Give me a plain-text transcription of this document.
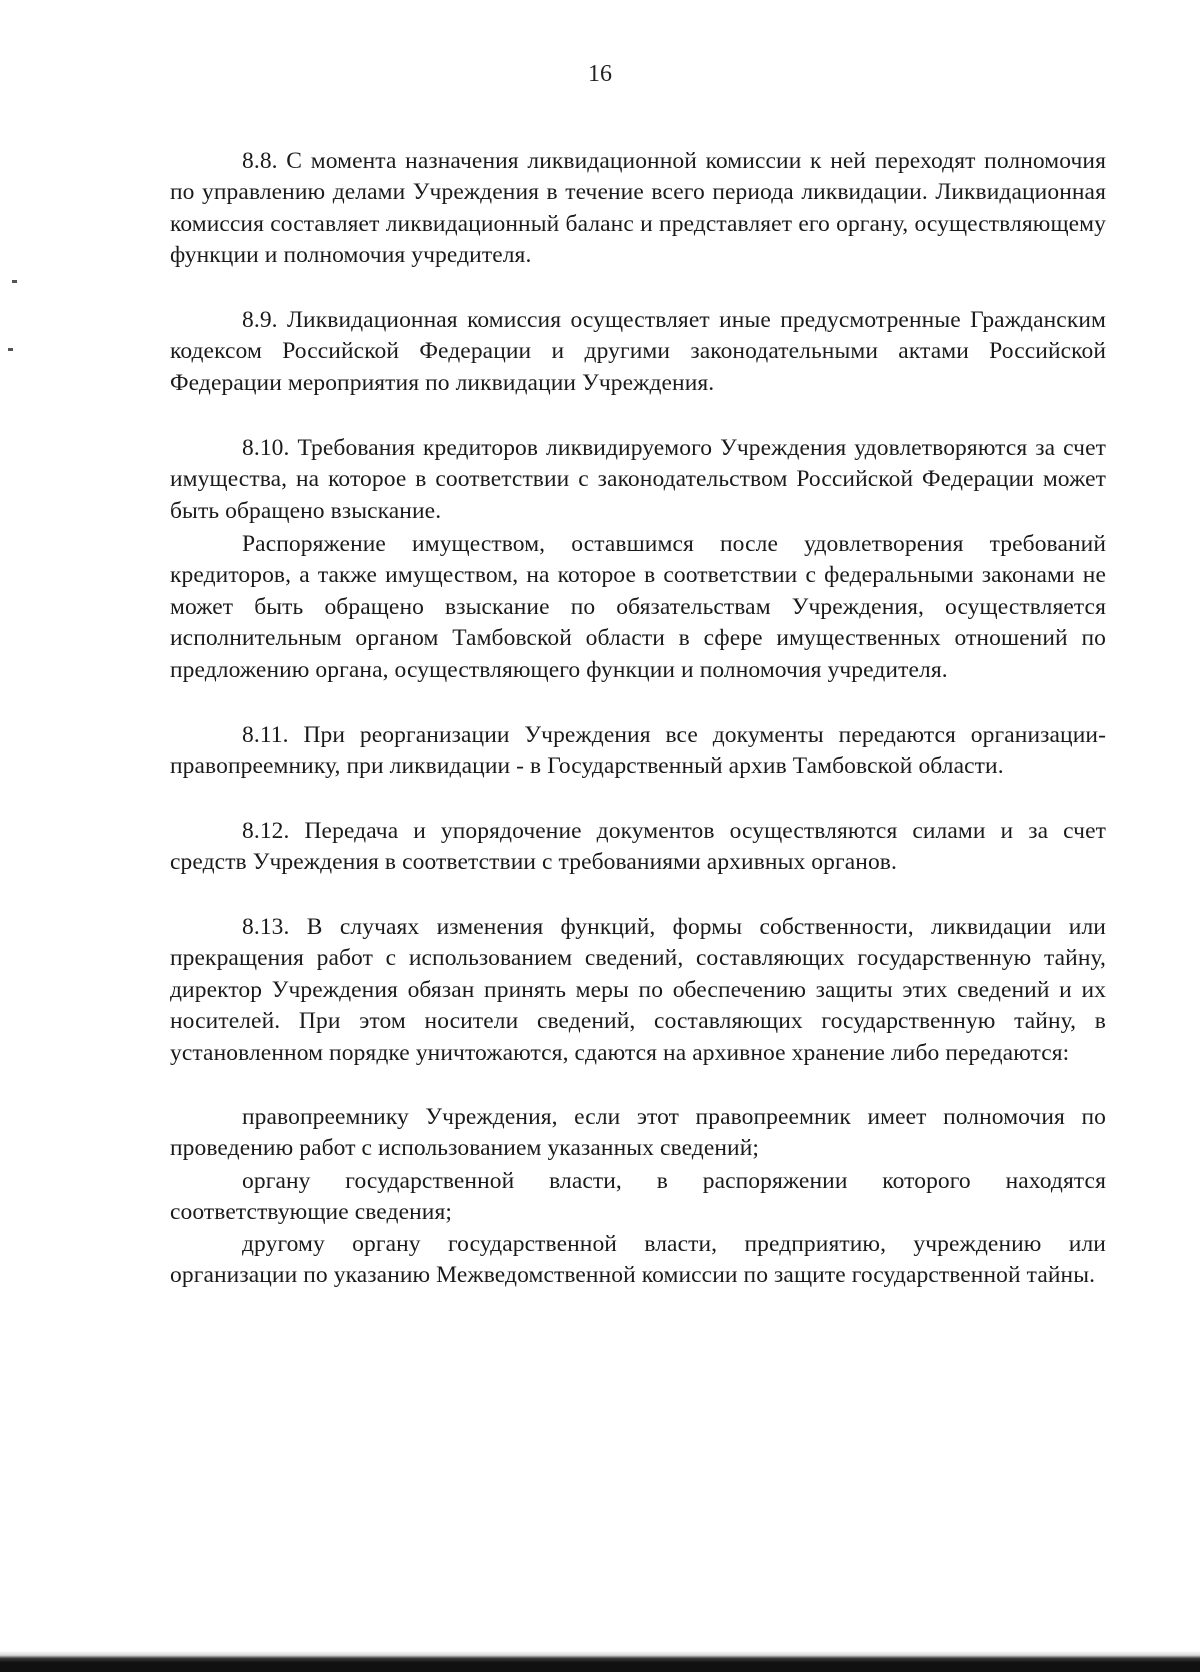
16

8.8. С момента назначения ликвидационной комиссии к ней переходят полномочия по управлению делами Учреждения в течение всего периода ликвидации. Ликвидационная комиссия составляет ликвидационный баланс и представляет его органу, осуществляющему функции и полномочия учредителя.

8.9. Ликвидационная комиссия осуществляет иные предусмотренные Гражданским кодексом Российской Федерации и другими законодательными актами Российской Федерации мероприятия по ликвидации Учреждения.

8.10. Требования кредиторов ликвидируемого Учреждения удовлетворяются за счет имущества, на которое в соответствии с законодательством Российской Федерации может быть обращено взыскание.

Распоряжение имуществом, оставшимся после удовлетворения требований кредиторов, а также имуществом, на которое в соответствии с федеральными законами не может быть обращено взыскание по обязательствам Учреждения, осуществляется исполнительным органом Тамбовской области в сфере имущественных отношений по предложению органа, осуществляющего функции и полномочия учредителя.

8.11. При реорганизации Учреждения все документы передаются организации-правопреемнику, при ликвидации - в Государственный архив Тамбовской области.

8.12. Передача и упорядочение документов осуществляются силами и за счет средств Учреждения в соответствии с требованиями архивных органов.

8.13. В случаях изменения функций, формы собственности, ликвидации или прекращения работ с использованием сведений, составляющих государственную тайну, директор Учреждения обязан принять меры по обеспечению защиты этих сведений и их носителей. При этом носители сведений, составляющих государственную тайну, в установленном порядке уничтожаются, сдаются на архивное хранение либо передаются:

правопреемнику Учреждения, если этот правопреемник имеет полномочия по проведению работ с использованием указанных сведений;

органу государственной власти, в распоряжении которого находятся соответствующие сведения;

другому органу государственной власти, предприятию, учреждению или организации по указанию Межведомственной комиссии по защите государственной тайны.
